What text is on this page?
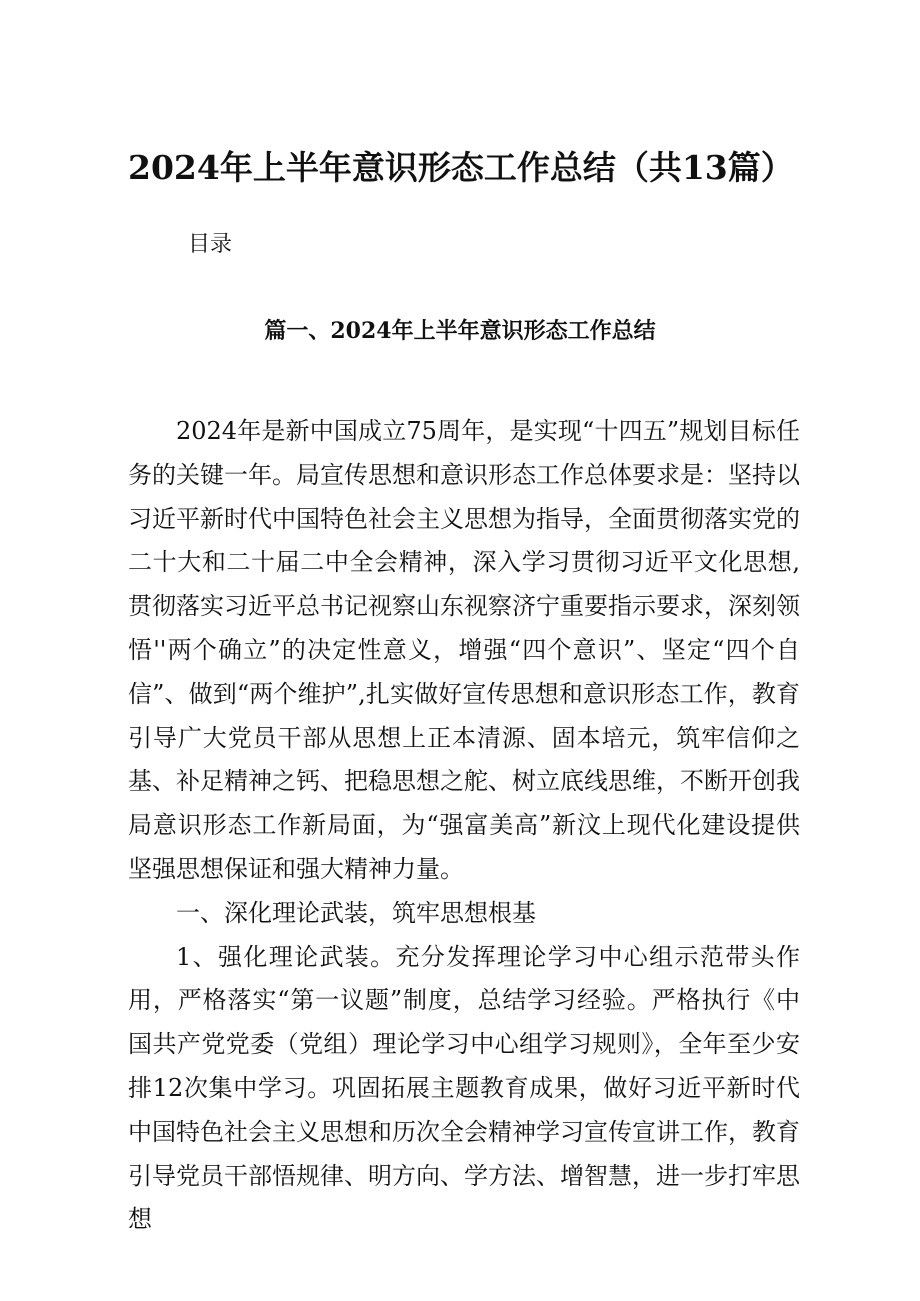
2024年上半年意识形态工作总结（共13篇）
目录
篇一、2024年上半年意识形态工作总结

2024年是新中国成立75周年，是实现“十四五”规划目标任务的关键一年。局宣传思想和意识形态工作总体要求是：坚持以习近平新时代中国特色社会主义思想为指导，全面贯彻落实党的二十大和二十届二中全会精神，深入学习贯彻习近平文化思想,贯彻落实习近平总书记视察山东视察济宁重要指示要求，深刻领悟''两个确立”的决定性意义，增强“四个意识”、坚定“四个自信”、做到“两个维护”,扎实做好宣传思想和意识形态工作，教育引导广大党员干部从思想上正本清源、固本培元，筑牢信仰之基、补足精神之钙、把稳思想之舵、树立底线思维，不断开创我局意识形态工作新局面，为“强富美高”新汶上现代化建设提供坚强思想保证和强大精神力量。

一、深化理论武装，筑牢思想根基

1、强化理论武装。充分发挥理论学习中心组示范带头作用，严格落实“第一议题”制度，总结学习经验。严格执行《中国共产党党委（党组）理论学习中心组学习规则》，全年至少安排12次集中学习。巩固拓展主题教育成果，做好习近平新时代中国特色社会主义思想和历次全会精神学习宣传宣讲工作，教育引导党员干部悟规律、明方向、学方法、增智慧，进一步打牢思想
